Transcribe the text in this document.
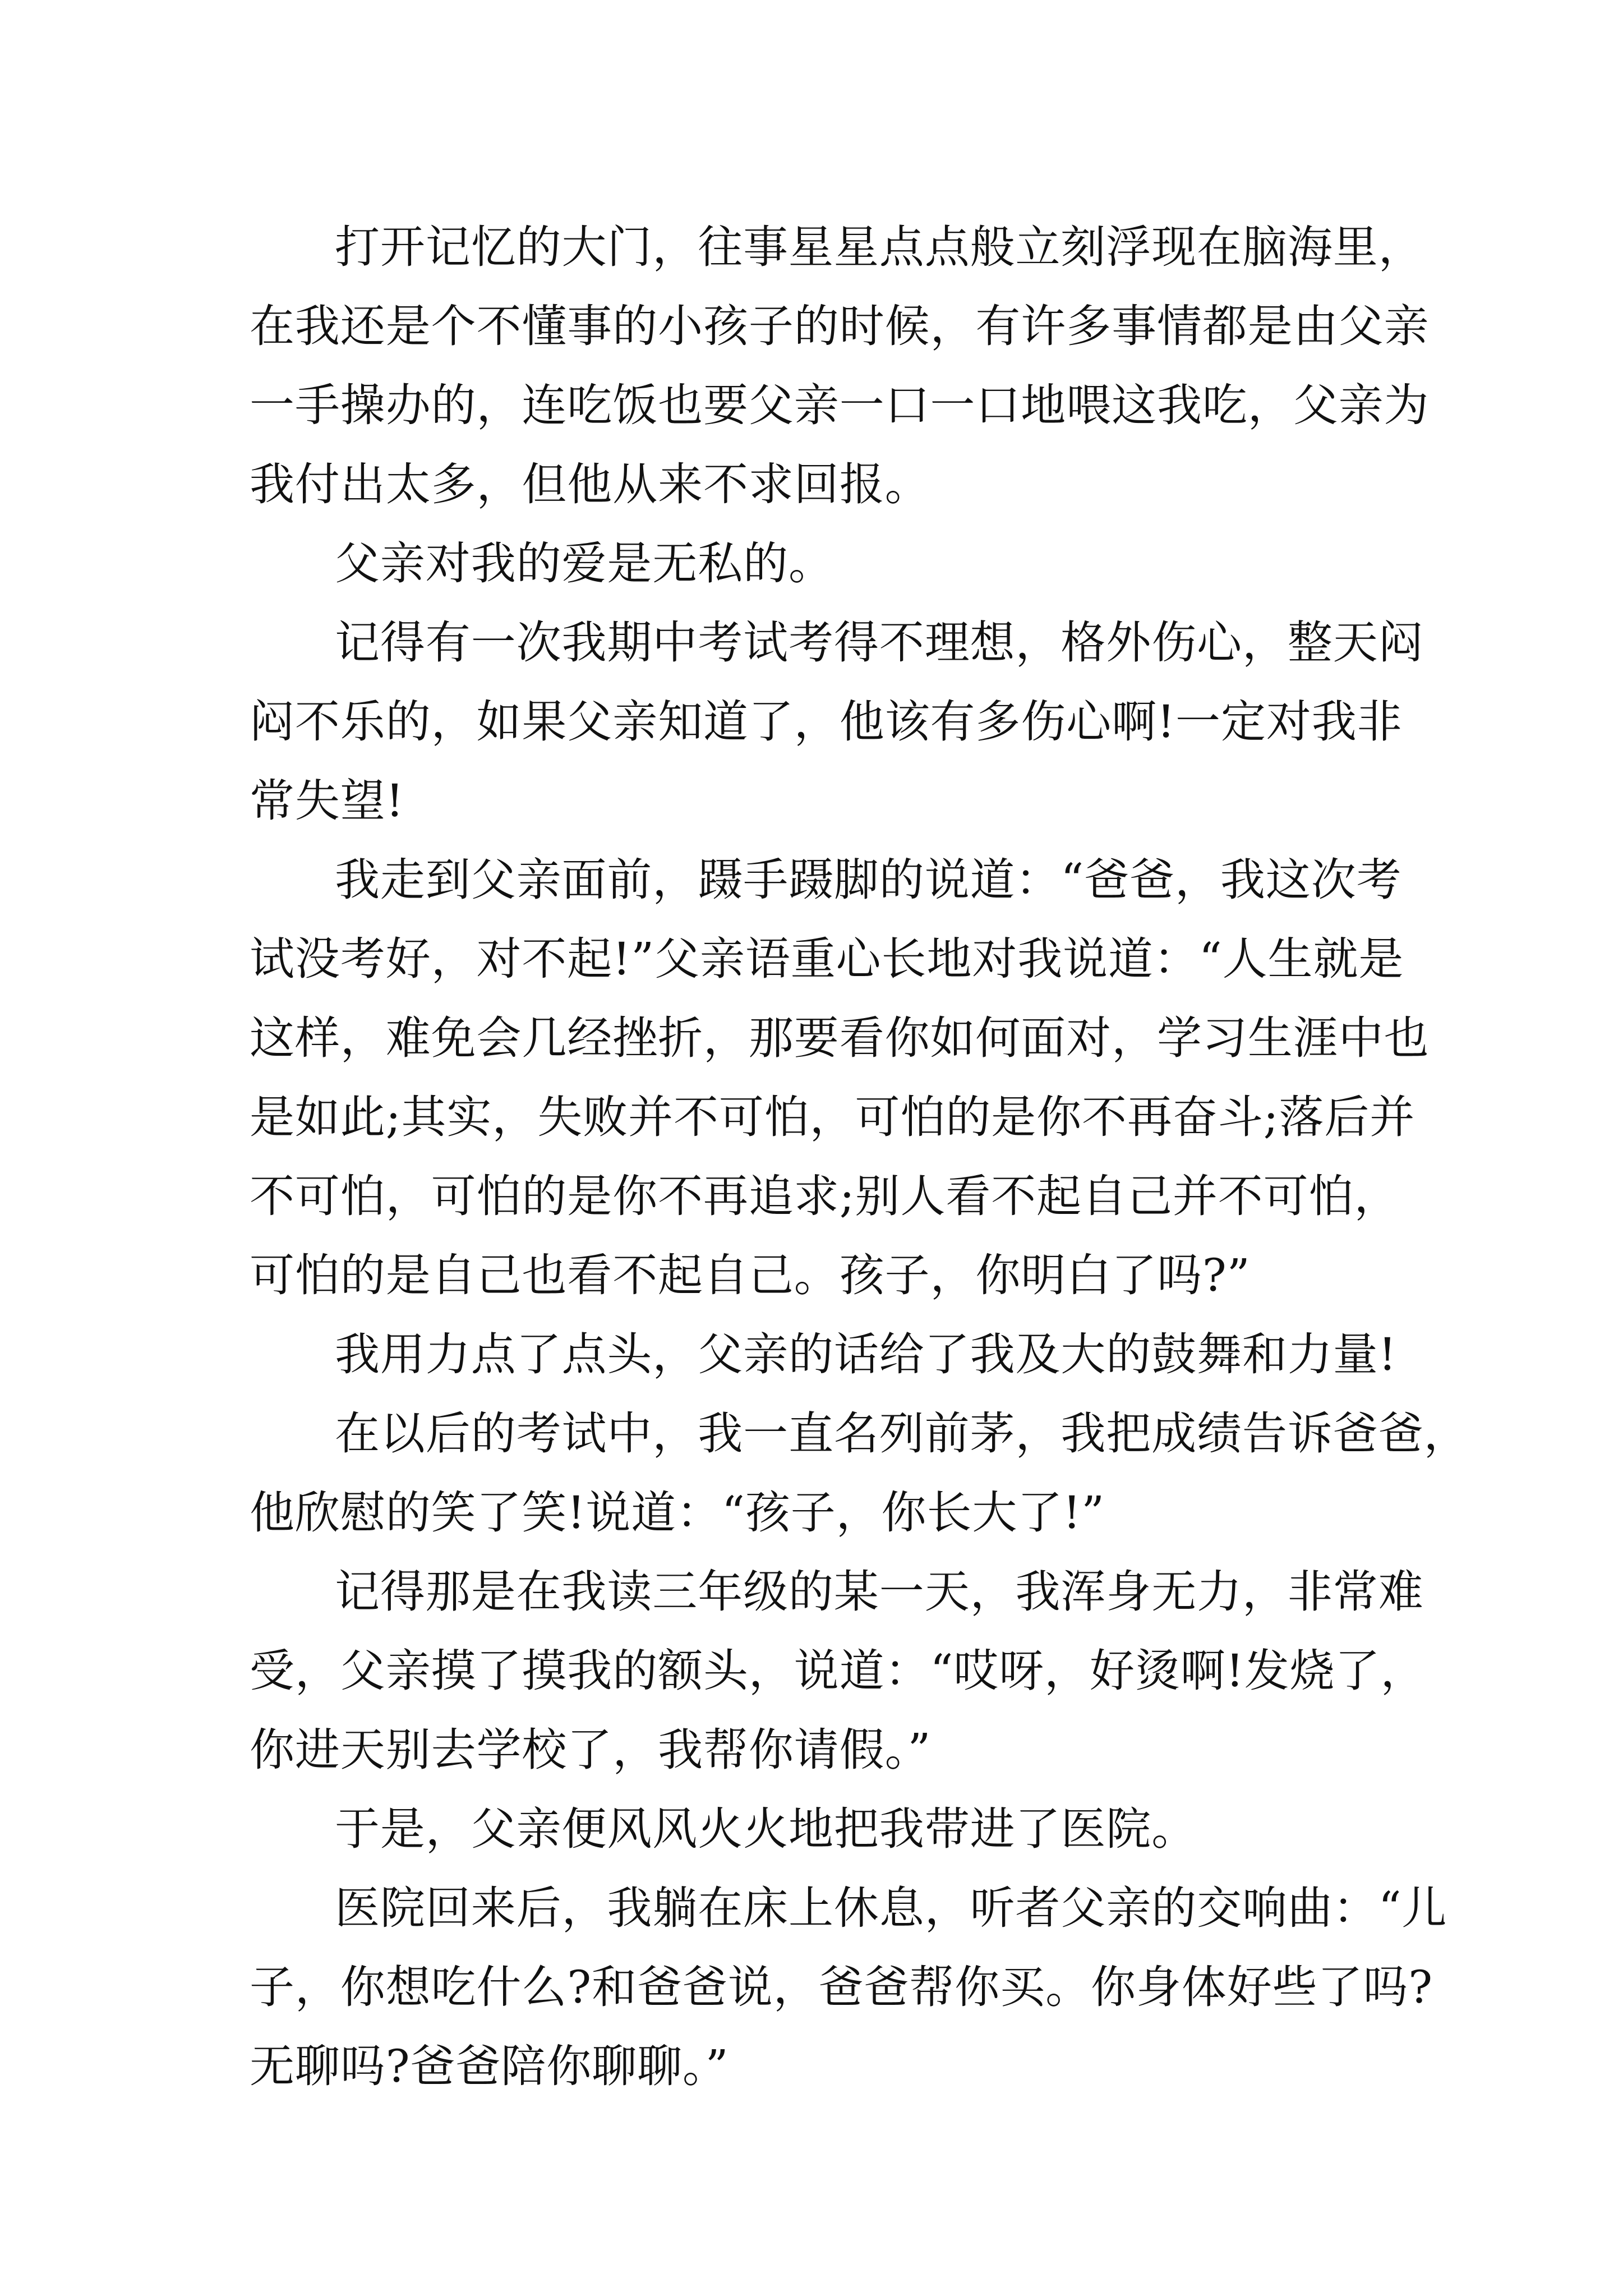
打开记忆的大门，往事星星点点般立刻浮现在脑海里，
在我还是个不懂事的小孩子的时候，有许多事情都是由父亲
一手操办的，连吃饭也要父亲一口一口地喂这我吃，父亲为
我付出太多，但他从来不求回报。

父亲对我的爱是无私的。

记得有一次我期中考试考得不理想，格外伤心，整天闷
闷不乐的，如果父亲知道了，他该有多伤心啊!一定对我非
常失望!

我走到父亲面前，蹑手蹑脚的说道：“爸爸，我这次考
试没考好，对不起!”父亲语重心长地对我说道：“人生就是
这样，难免会几经挫折，那要看你如何面对，学习生涯中也
是如此;其实，失败并不可怕，可怕的是你不再奋斗;落后并
不可怕，可怕的是你不再追求;别人看不起自己并不可怕，
可怕的是自己也看不起自己。孩子，你明白了吗?”

我用力点了点头，父亲的话给了我及大的鼓舞和力量!

在以后的考试中，我一直名列前茅，我把成绩告诉爸爸，
他欣慰的笑了笑!说道：“孩子，你长大了!”

记得那是在我读三年级的某一天，我浑身无力，非常难
受，父亲摸了摸我的额头，说道：“哎呀，好烫啊!发烧了，
你进天别去学校了，我帮你请假。”

于是，父亲便风风火火地把我带进了医院。

医院回来后，我躺在床上休息，听者父亲的交响曲：“儿
子，你想吃什么?和爸爸说，爸爸帮你买。你身体好些了吗?
无聊吗?爸爸陪你聊聊。”
